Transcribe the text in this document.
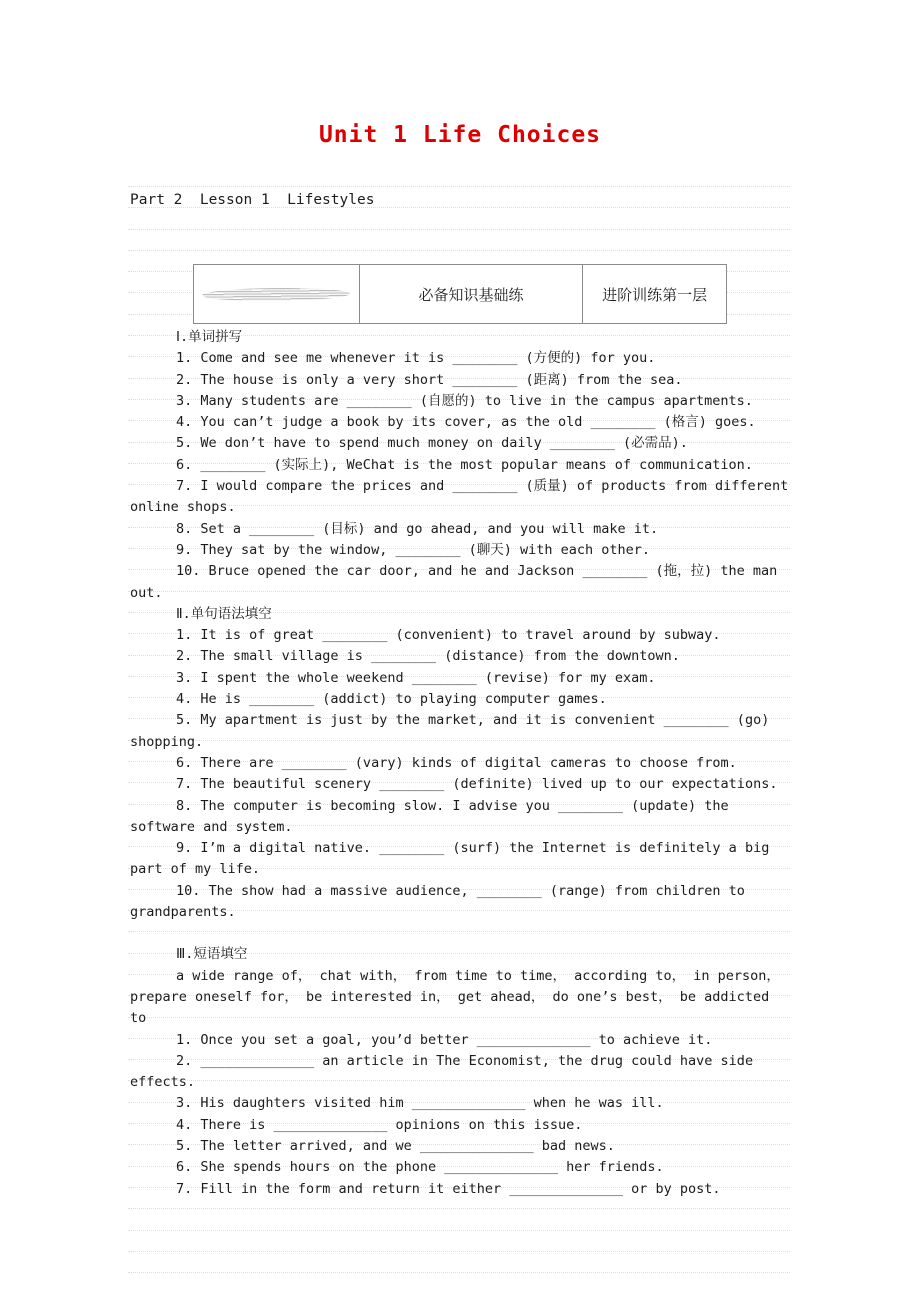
Unit 1 Life Choices
Part 2  Lesson 1  Lifestyles
必备知识基础练	进阶训练第一层

Ⅰ.单词拼写

1. Come and see me whenever it is ________ (方便的) for you.

2. The house is only a very short ________ (距离) from the sea.

3. Many students are ________ (自愿的) to live in the campus apartments.

4. You can’t judge a book by its cover, as the old ________ (格言) goes.

5. We don’t have to spend much money on daily ________ (必需品).

6. ________ (实际上), WeChat is the most popular means of communication.

7. I would compare the prices and ________ (质量) of products from different online shops.

8. Set a ________ (目标) and go ahead, and you will make it.

9. They sat by the window, ________ (聊天) with each other.

10. Bruce opened the car door, and he and Jackson ________ (拖，拉) the man out.

Ⅱ.单句语法填空

1. It is of great ________ (convenient) to travel around by subway.

2. The small village is ________ (distance) from the downtown.

3. I spent the whole weekend ________ (revise) for my exam.

4. He is ________ (addict) to playing computer games.

5. My apartment is just by the market, and it is convenient ________ (go) shopping.

6. There are ________ (vary) kinds of digital cameras to choose from.

7. The beautiful scenery ________ (definite) lived up to our expectations.

8. The computer is becoming slow. I advise you ________ (update) the software and system.

9. I’m a digital native. ________ (surf) the Internet is definitely a big part of my life.

10. The show had a massive audience, ________ (range) from children to grandparents.

Ⅲ.短语填空

a wide range of， chat with， from time to time， according to， in person， prepare oneself for， be interested in， get ahead， do one’s best， be addicted to

1. Once you set a goal, you’d better ______________ to achieve it.

2. ______________ an article in The Economist, the drug could have side effects.

3. His daughters visited him ______________ when he was ill.

4. There is ______________ opinions on this issue.

5. The letter arrived, and we ______________ bad news.

6. She spends hours on the phone ______________ her friends.

7. Fill in the form and return it either ______________ or by post.
